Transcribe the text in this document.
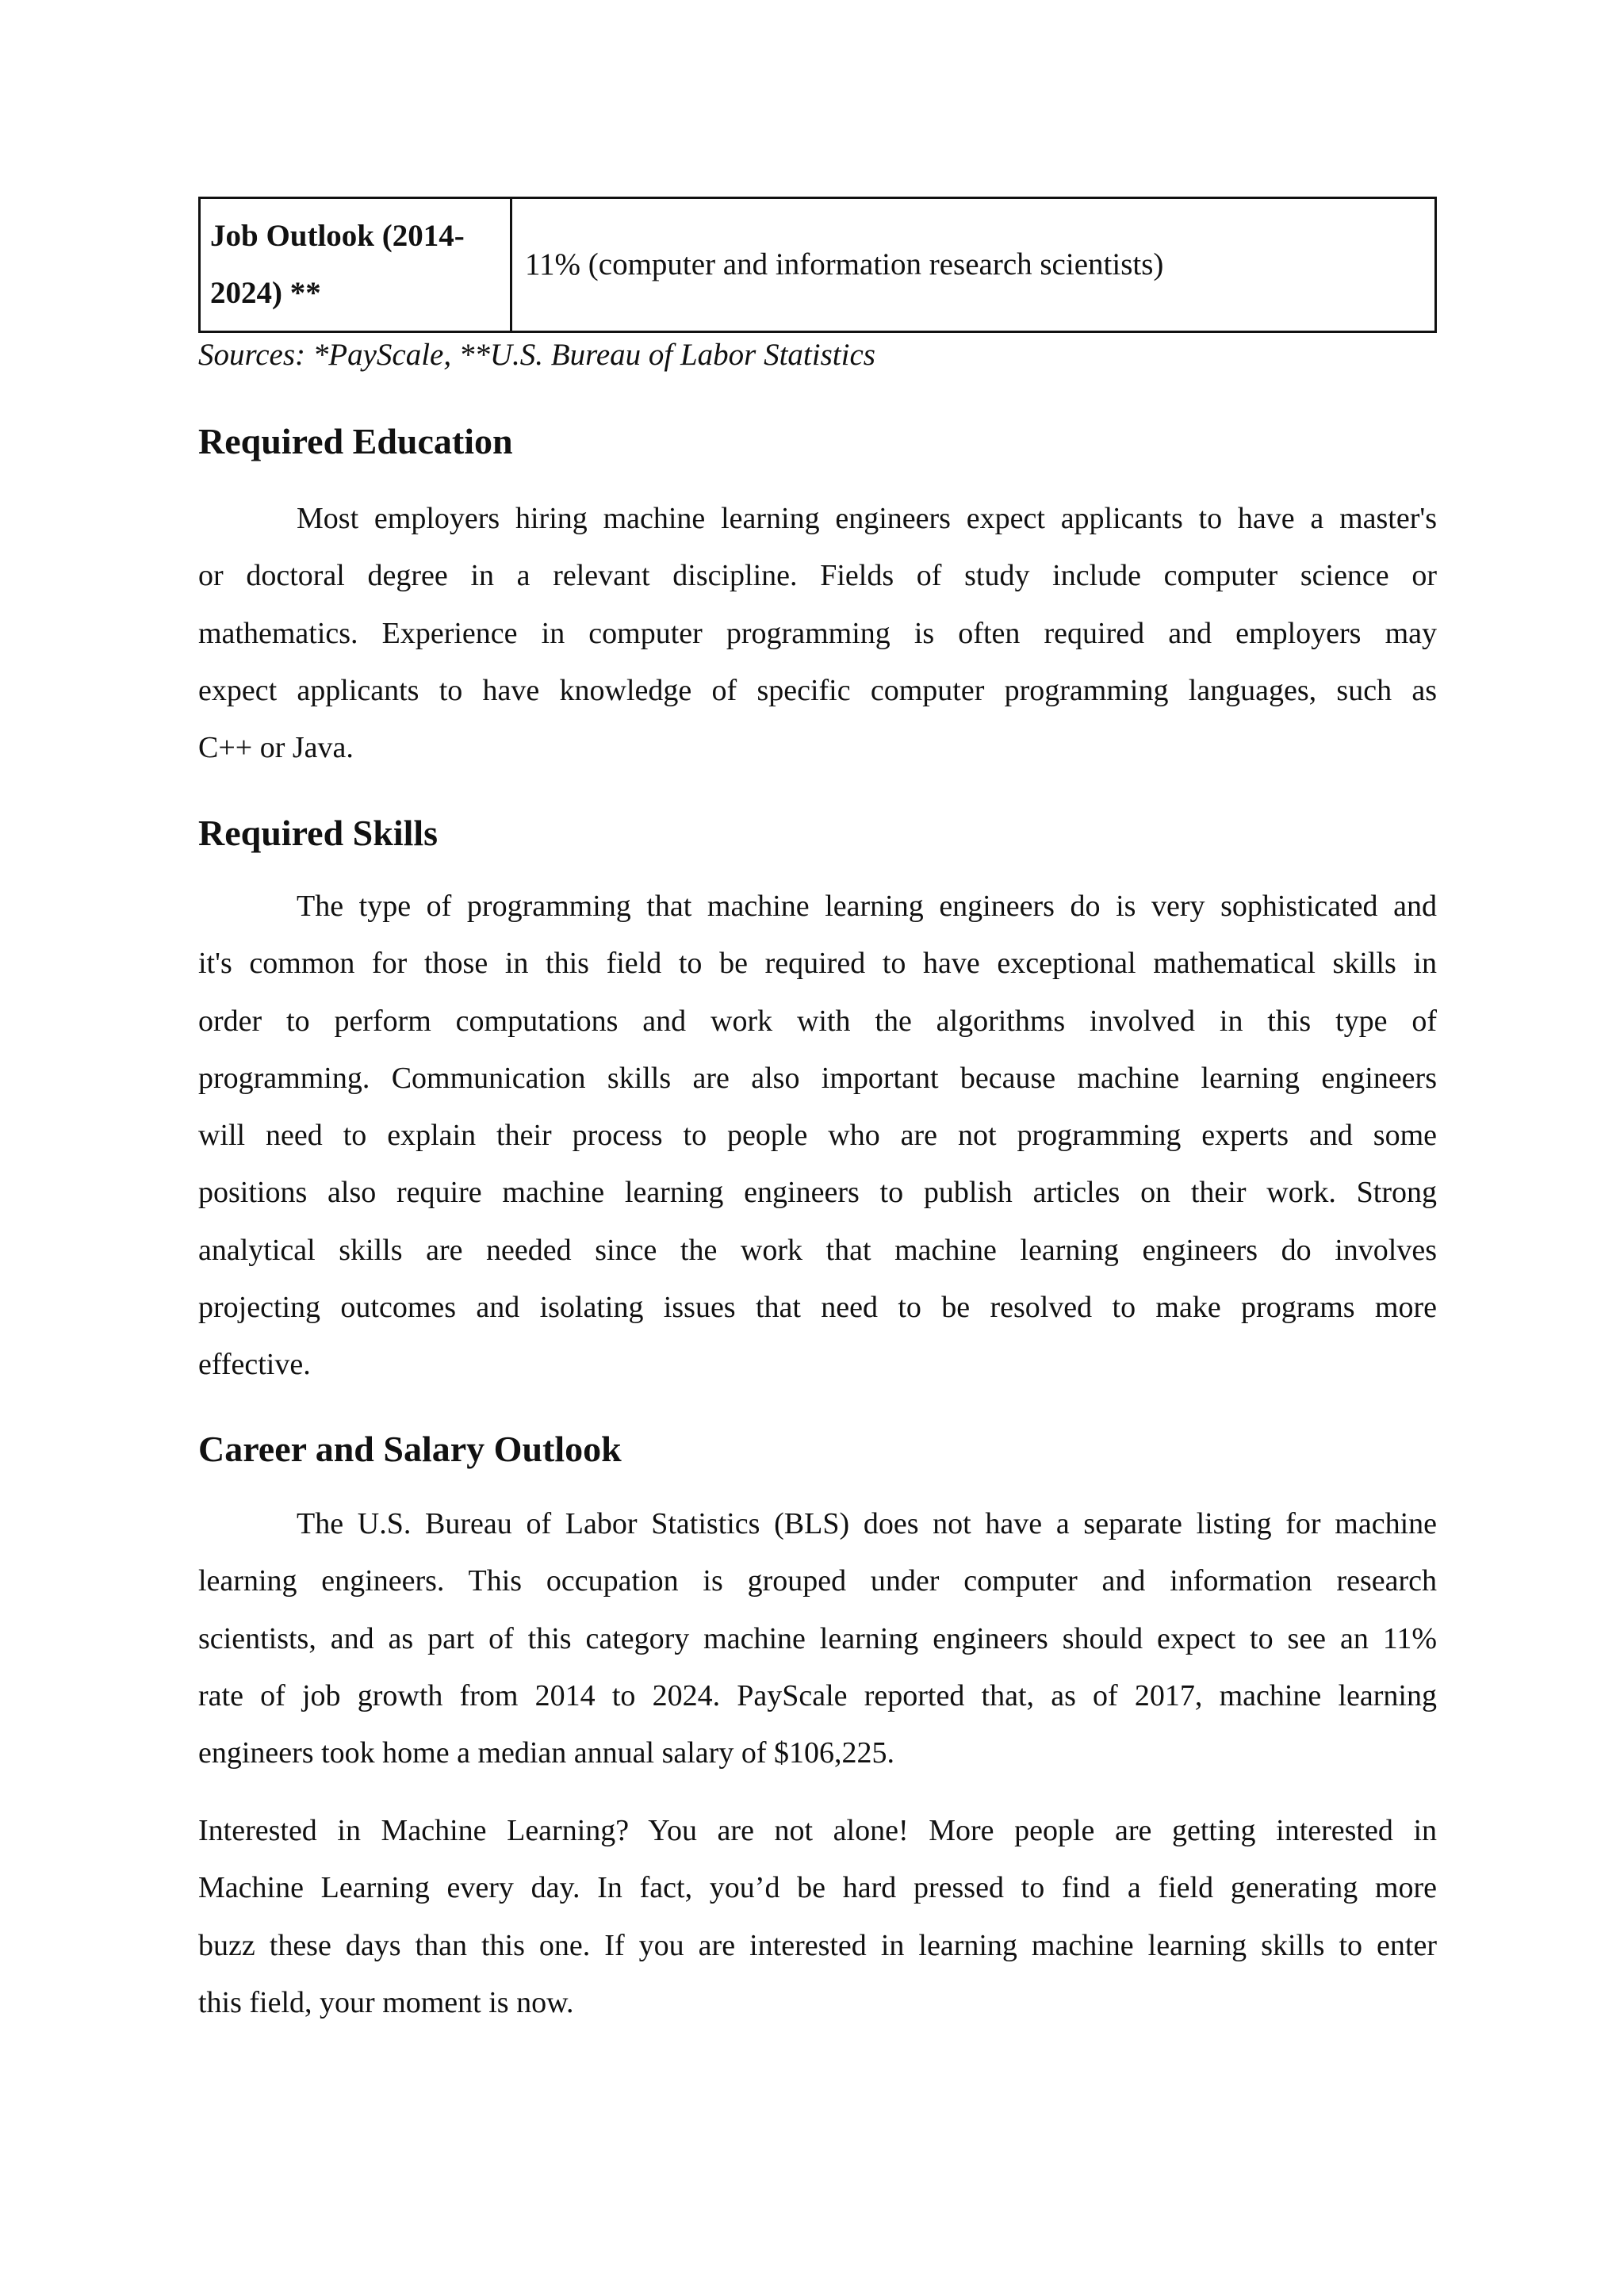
Job Outlook (2014-
2024) **
	11% (computer and information research scientists)
Sources: *PayScale, **U.S. Bureau of Labor Statistics
Required Education
Most employers hiring machine learning engineers expect applicants to have a master's
or doctoral degree in a relevant discipline. Fields of study include computer science or
mathematics. Experience in computer programming is often required and employers may
expect applicants to have knowledge of specific computer programming languages, such as
C++ or Java.
Required Skills
The type of programming that machine learning engineers do is very sophisticated and
it's common for those in this field to be required to have exceptional mathematical skills in
order to perform computations and work with the algorithms involved in this type of
programming. Communication skills are also important because machine learning engineers
will need to explain their process to people who are not programming experts and some
positions also require machine learning engineers to publish articles on their work. Strong
analytical skills are needed since the work that machine learning engineers do involves
projecting outcomes and isolating issues that need to be resolved to make programs more
effective.
Career and Salary Outlook
The U.S. Bureau of Labor Statistics (BLS) does not have a separate listing for machine
learning engineers. This occupation is grouped under computer and information research
scientists, and as part of this category machine learning engineers should expect to see an 11%
rate of job growth from 2014 to 2024. PayScale reported that, as of 2017, machine learning
engineers took home a median annual salary of $106,225.
Interested in Machine Learning? You are not alone! More people are getting interested in
Machine Learning every day. In fact, you’d be hard pressed to find a field generating more
buzz these days than this one. If you are interested in learning machine learning skills to enter
this field, your moment is now.
